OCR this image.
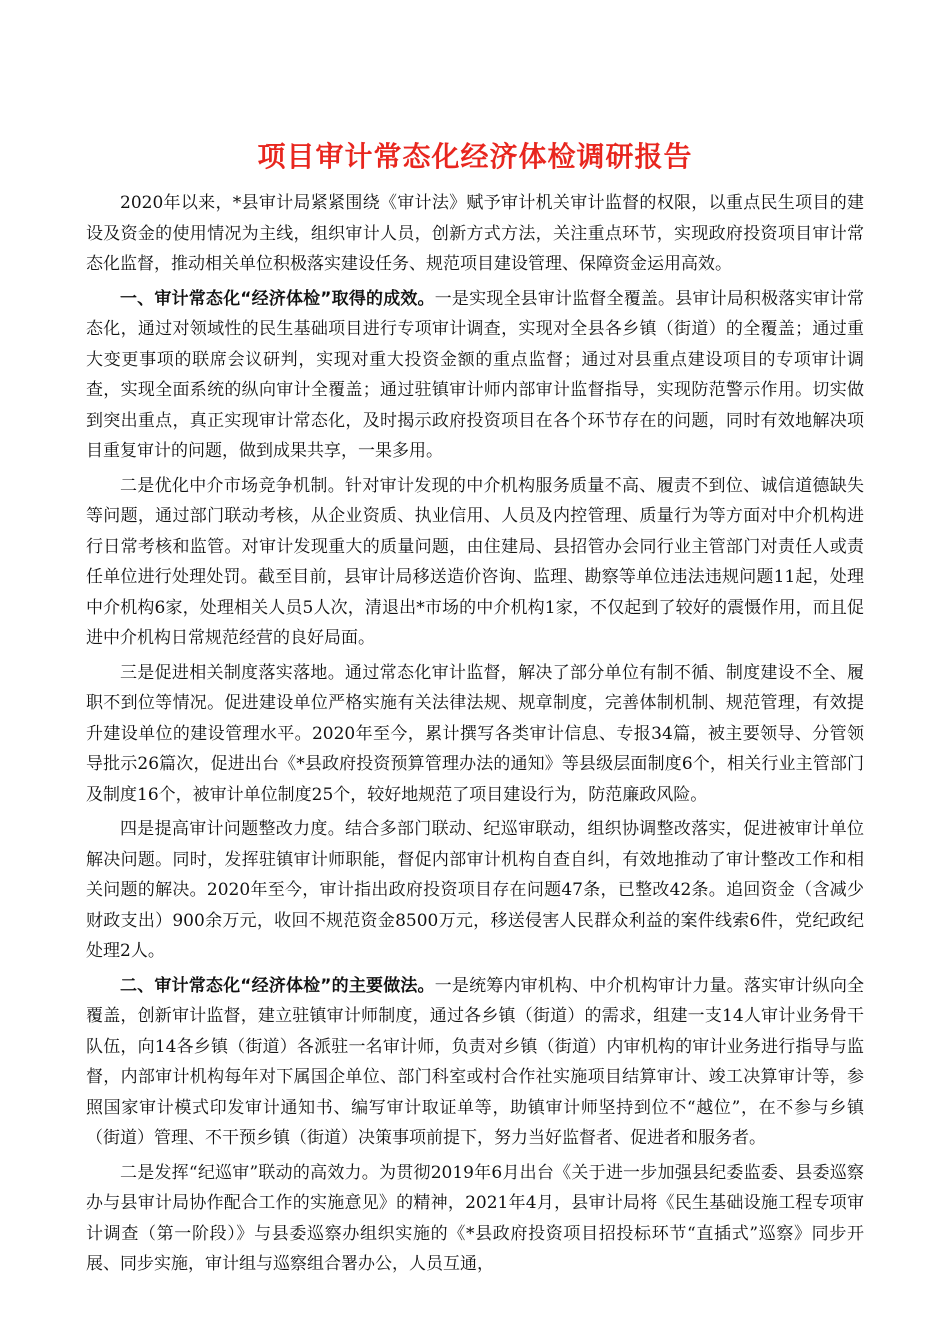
项目审计常态化经济体检调研报告

2020年以来，*县审计局紧紧围绕《审计法》赋予审计机关审计监督的权限，以重点民生项目的建设及资金的使用情况为主线，组织审计人员，创新方式方法，关注重点环节，实现政府投资项目审计常态化监督，推动相关单位积极落实建设任务、规范项目建设管理、保障资金运用高效。

一、审计常态化“经济体检”取得的成效。一是实现全县审计监督全覆盖。县审计局积极落实审计常态化，通过对领域性的民生基础项目进行专项审计调查，实现对全县各乡镇（街道）的全覆盖；通过重大变更事项的联席会议研判，实现对重大投资金额的重点监督；通过对县重点建设项目的专项审计调查，实现全面系统的纵向审计全覆盖；通过驻镇审计师内部审计监督指导，实现防范警示作用。切实做到突出重点，真正实现审计常态化，及时揭示政府投资项目在各个环节存在的问题，同时有效地解决项目重复审计的问题，做到成果共享，一果多用。

二是优化中介市场竞争机制。针对审计发现的中介机构服务质量不高、履责不到位、诚信道德缺失等问题，通过部门联动考核，从企业资质、执业信用、人员及内控管理、质量行为等方面对中介机构进行日常考核和监管。对审计发现重大的质量问题，由住建局、县招管办会同行业主管部门对责任人或责任单位进行处理处罚。截至目前，县审计局移送造价咨询、监理、勘察等单位违法违规问题11起，处理中介机构6家，处理相关人员5人次，清退出*市场的中介机构1家，不仅起到了较好的震慑作用，而且促进中介机构日常规范经营的良好局面。

三是促进相关制度落实落地。通过常态化审计监督，解决了部分单位有制不循、制度建设不全、履职不到位等情况。促进建设单位严格实施有关法律法规、规章制度，完善体制机制、规范管理，有效提升建设单位的建设管理水平。2020年至今，累计撰写各类审计信息、专报34篇，被主要领导、分管领导批示26篇次，促进出台《*县政府投资预算管理办法的通知》等县级层面制度6个，相关行业主管部门及制度16个，被审计单位制度25个，较好地规范了项目建设行为，防范廉政风险。

四是提高审计问题整改力度。结合多部门联动、纪巡审联动，组织协调整改落实，促进被审计单位解决问题。同时，发挥驻镇审计师职能，督促内部审计机构自查自纠，有效地推动了审计整改工作和相关问题的解决。2020年至今，审计指出政府投资项目存在问题47条，已整改42条。追回资金（含减少财政支出）900余万元，收回不规范资金8500万元，移送侵害人民群众利益的案件线索6件，党纪政纪处理2人。

二、审计常态化“经济体检”的主要做法。一是统筹内审机构、中介机构审计力量。落实审计纵向全覆盖，创新审计监督，建立驻镇审计师制度，通过各乡镇（街道）的需求，组建一支14人审计业务骨干队伍，向14各乡镇（街道）各派驻一名审计师，负责对乡镇（街道）内审机构的审计业务进行指导与监督，内部审计机构每年对下属国企单位、部门科室或村合作社实施项目结算审计、竣工决算审计等，参照国家审计模式印发审计通知书、编写审计取证单等，助镇审计师坚持到位不“越位”，在不参与乡镇（街道）管理、不干预乡镇（街道）决策事项前提下，努力当好监督者、促进者和服务者。

二是发挥“纪巡审”联动的高效力。为贯彻2019年6月出台《关于进一步加强县纪委监委、县委巡察办与县审计局协作配合工作的实施意见》的精神，2021年4月，县审计局将《民生基础设施工程专项审计调查（第一阶段）》与县委巡察办组织实施的《*县政府投资项目招投标环节“直插式”巡察》同步开展、同步实施，审计组与巡察组合署办公，人员互通，
